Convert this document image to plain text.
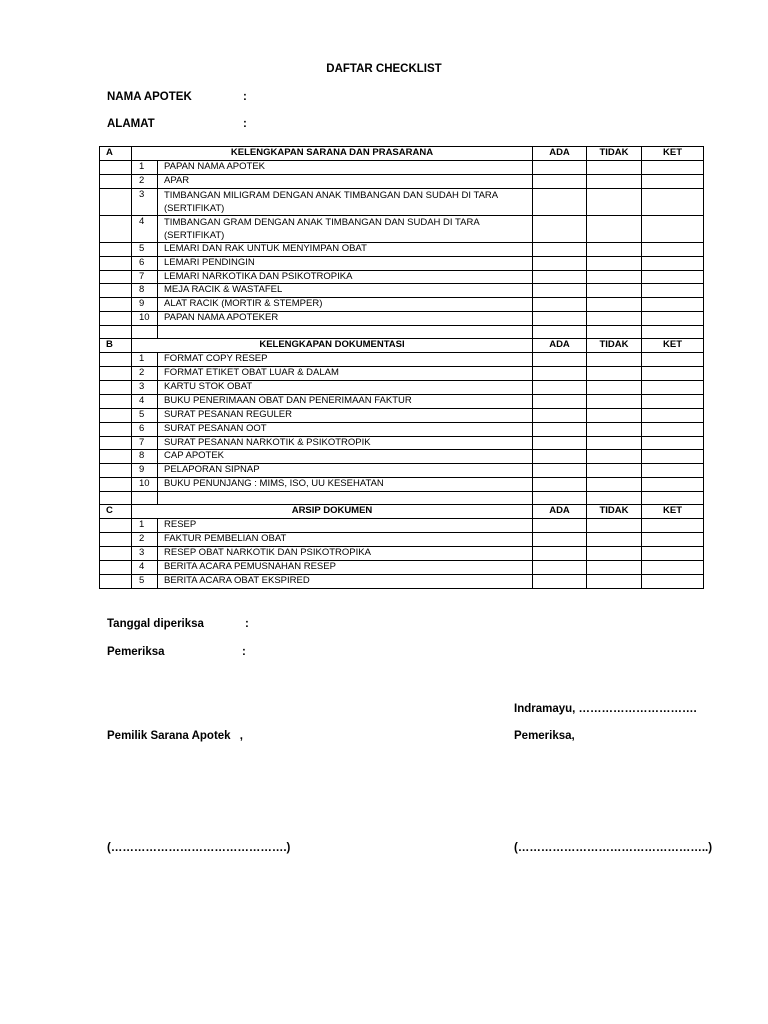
DAFTAR CHECKLIST
NAMA APOTEK	:
ALAMAT	:
A	KELENGKAPAN SARANA DAN PRASARANA		ADA	TIDAK	KET
	1	PAPAN NAMA APOTEK			
	2	APAR			
	3	TIMBANGAN MILIGRAM DENGAN ANAK TIMBANGAN DAN SUDAH DI TARA (SERTIFIKAT)			
	4	TIMBANGAN GRAM DENGAN ANAK TIMBANGAN DAN SUDAH DI TARA (SERTIFIKAT)			
	5	LEMARI DAN RAK UNTUK MENYIMPAN OBAT			
	6	LEMARI PENDINGIN			
	7	LEMARI NARKOTIKA DAN PSIKOTROPIKA			
	8	MEJA RACIK & WASTAFEL			
	9	ALAT RACIK (MORTIR & STEMPER)			
	10	PAPAN NAMA APOTEKER			

B	KELENGKAPAN DOKUMENTASI		ADA	TIDAK	KET
	1	FORMAT COPY RESEP			
	2	FORMAT ETIKET OBAT LUAR & DALAM			
	3	KARTU STOK OBAT			
	4	BUKU PENERIMAAN OBAT DAN PENERIMAAN FAKTUR			
	5	SURAT PESANAN REGULER			
	6	SURAT PESANAN OOT			
	7	SURAT PESANAN NARKOTIK & PSIKOTROPIK			
	8	CAP APOTEK			
	9	PELAPORAN SIPNAP			
	10	BUKU PENUNJANG : MIMS, ISO, UU KESEHATAN			

C	ARSIP DOKUMEN		ADA	TIDAK	KET
	1	RESEP			
	2	FAKTUR PEMBELIAN OBAT			
	3	RESEP OBAT NARKOTIK DAN PSIKOTROPIKA			
	4	BERITA ACARA PEMUSNAHAN RESEP			
	5	BERITA ACARA OBAT EKSPIRED			
Tanggal diperiksa	:
Pemeriksa	:
Indramayu, ………………………….
Pemilik Sarana Apotek ,	Pemeriksa,
(……………………………………….)	(…………………………………………..)
